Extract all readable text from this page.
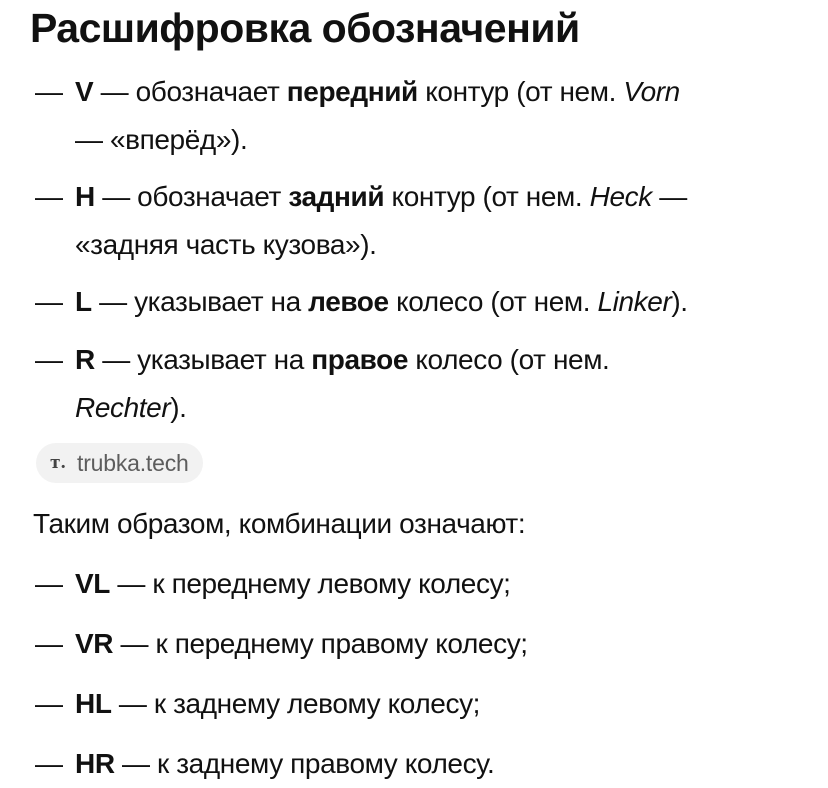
Расшифровка обозначений
— V — обозначает передний контур (от нем. Vorn
— «вперёд»).
— H — обозначает задний контур (от нем. Heck —
«задняя часть кузова»).
— L — указывает на левое колесо (от нем. Linker).
— R — указывает на правое колесо (от нем.
Rechter).
т. trubka.tech
Таким образом, комбинации означают:
— VL — к переднему левому колесу;
— VR — к переднему правому колесу;
— HL — к заднему левому колесу;
— HR — к заднему правому колесу.
